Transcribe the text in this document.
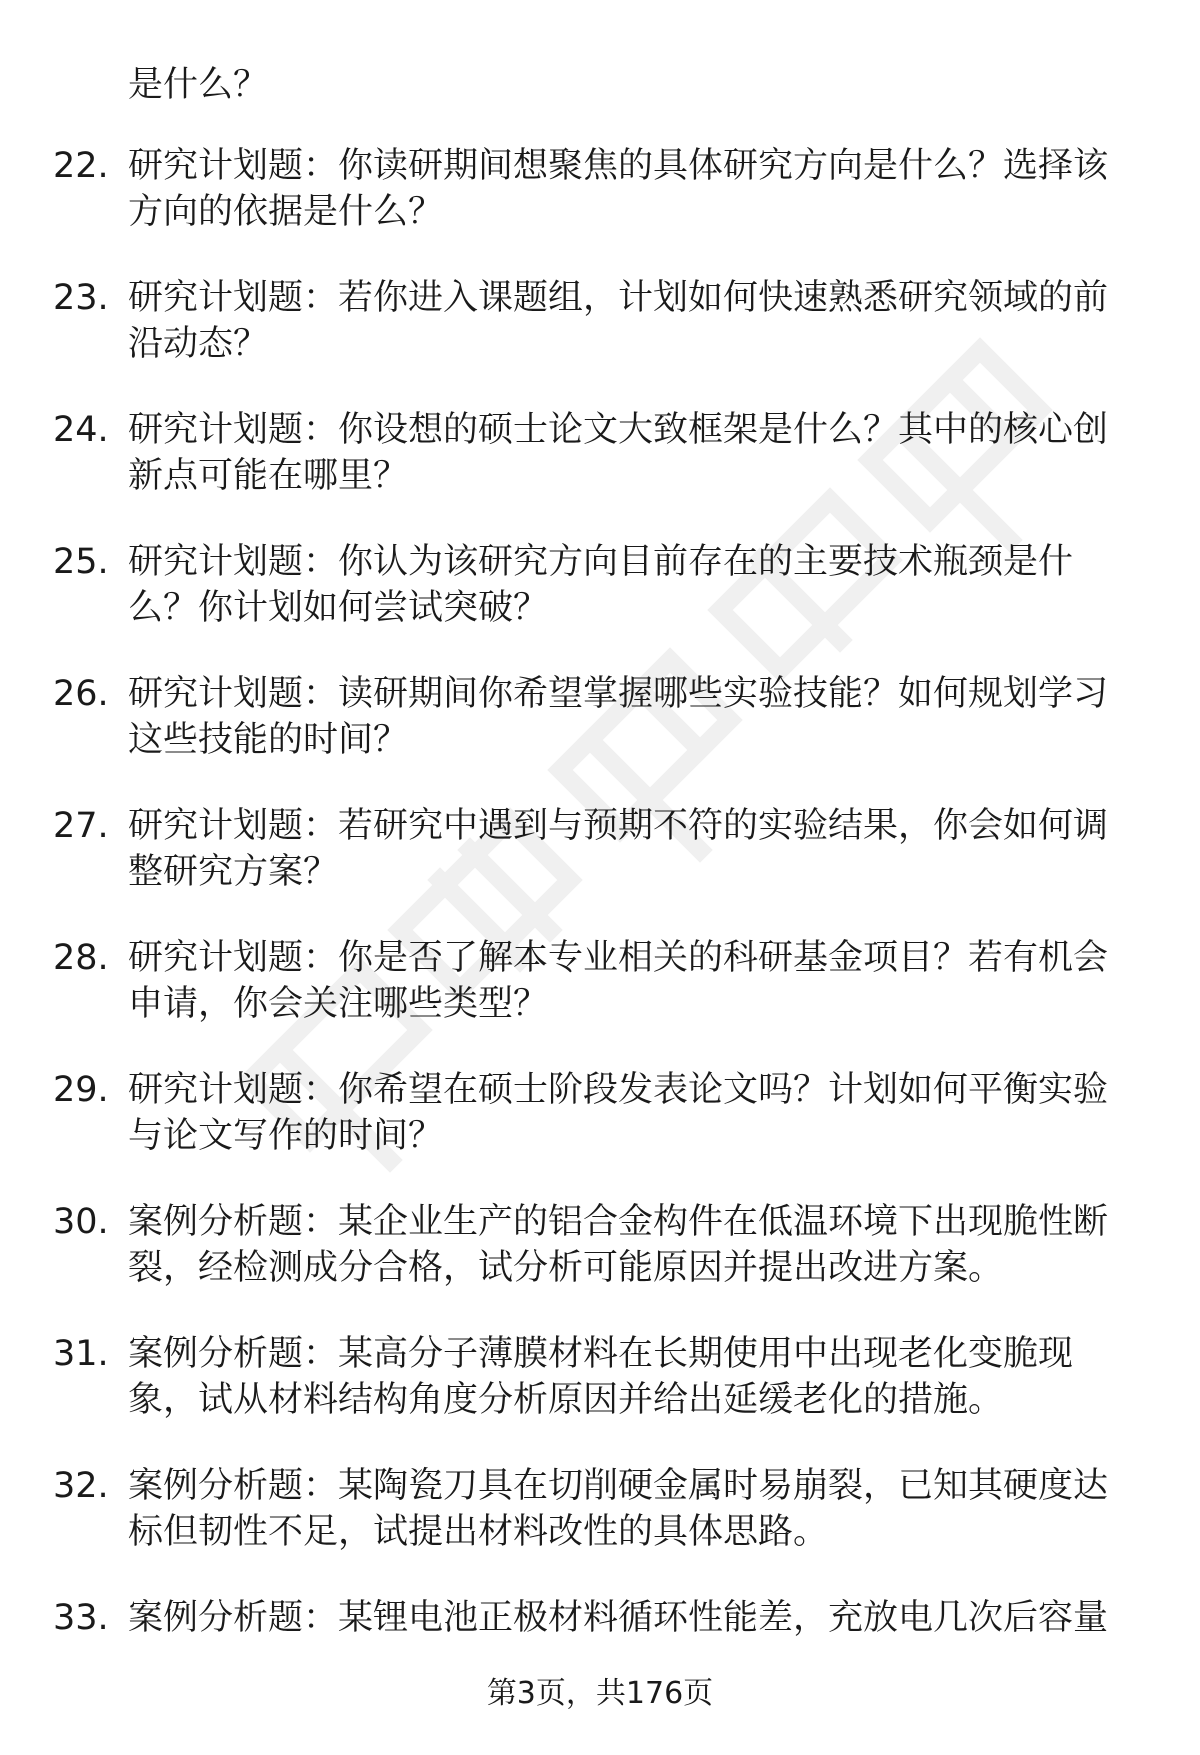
是什么？
22. 研究计划题：你读研期间想聚焦的具体研究方向是什么？选择该
方向的依据是什么？
23. 研究计划题：若你进入课题组，计划如何快速熟悉研究领域的前
沿动态？
24. 研究计划题：你设想的硕士论文大致框架是什么？其中的核心创
新点可能在哪里？
25. 研究计划题：你认为该研究方向目前存在的主要技术瓶颈是什
么？你计划如何尝试突破？
26. 研究计划题：读研期间你希望掌握哪些实验技能？如何规划学习
这些技能的时间？
27. 研究计划题：若研究中遇到与预期不符的实验结果，你会如何调
整研究方案？
28. 研究计划题：你是否了解本专业相关的科研基金项目？若有机会
申请，你会关注哪些类型？
29. 研究计划题：你希望在硕士阶段发表论文吗？计划如何平衡实验
与论文写作的时间？
30. 案例分析题：某企业生产的铝合金构件在低温环境下出现脆性断
裂，经检测成分合格，试分析可能原因并提出改进方案。
31. 案例分析题：某高分子薄膜材料在长期使用中出现老化变脆现
象，试从材料结构角度分析原因并给出延缓老化的措施。
32. 案例分析题：某陶瓷刀具在切削硬金属时易崩裂，已知其硬度达
标但韧性不足，试提出材料改性的具体思路。
33. 案例分析题：某锂电池正极材料循环性能差，充放电几次后容量
第3页，共176页
